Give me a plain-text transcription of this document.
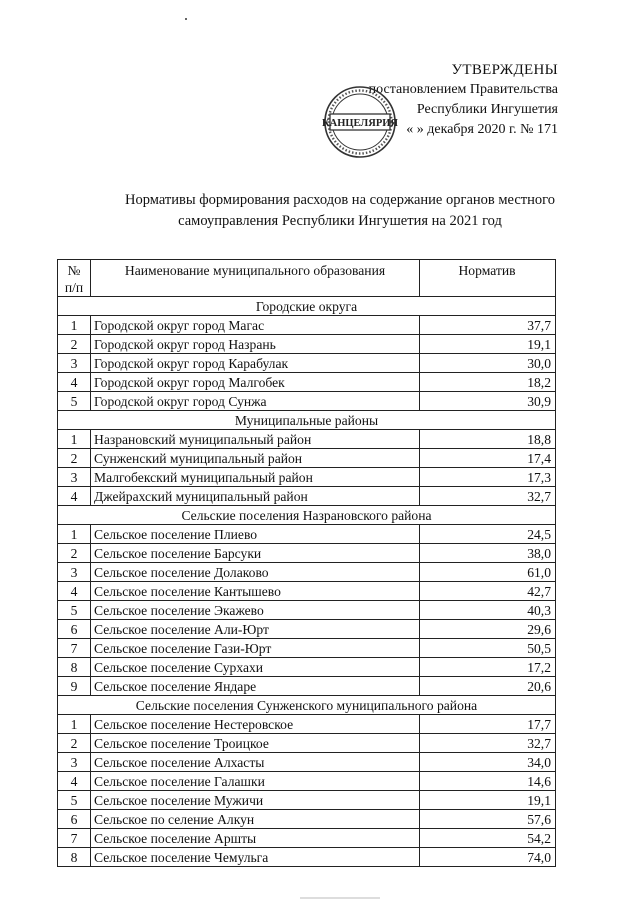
УТВЕРЖДЕНЫ
постановлением Правительства
Республики Ингушетия
« » декабря 2020 г. № 171
КАНЦЕЛЯРИЯ
Нормативы формирования расходов на содержание органов местного
самоуправления Республики Ингушетия на 2021 год
№ п/п	Наименование муниципального образования	Норматив
Городские округа		
1	Городской округ город Магас	37,7
2	Городской округ город Назрань	19,1
3	Городской округ город Карабулак	30,0
4	Городской округ город Малгобек	18,2
5	Городской округ город Сунжа	30,9
Муниципальные районы		
1	Назрановский муниципальный район	18,8
2	Сунженский муниципальный район	17,4
3	Малгобекский муниципальный район	17,3
4	Джейрахский муниципальный район	32,7
Сельские поселения Назрановского района		
1	Сельское поселение Плиево	24,5
2	Сельское поселение Барсуки	38,0
3	Сельское поселение Долаково	61,0
4	Сельское поселение Кантышево	42,7
5	Сельское поселение Экажево	40,3
6	Сельское поселение Али-Юрт	29,6
7	Сельское поселение Гази-Юрт	50,5
8	Сельское поселение Сурхахи	17,2
9	Сельское поселение Яндаре	20,6
Сельские поселения Сунженского муниципального района		
1	Сельское поселение Нестеровское	17,7
2	Сельское поселение Троицкое	32,7
3	Сельское поселение Алхасты	34,0
4	Сельское поселение Галашки	14,6
5	Сельское поселение Мужичи	19,1
6	Сельское по селение Алкун	57,6
7	Сельское поселение Аршты	54,2
8	Сельское поселение Чемульга	74,0
